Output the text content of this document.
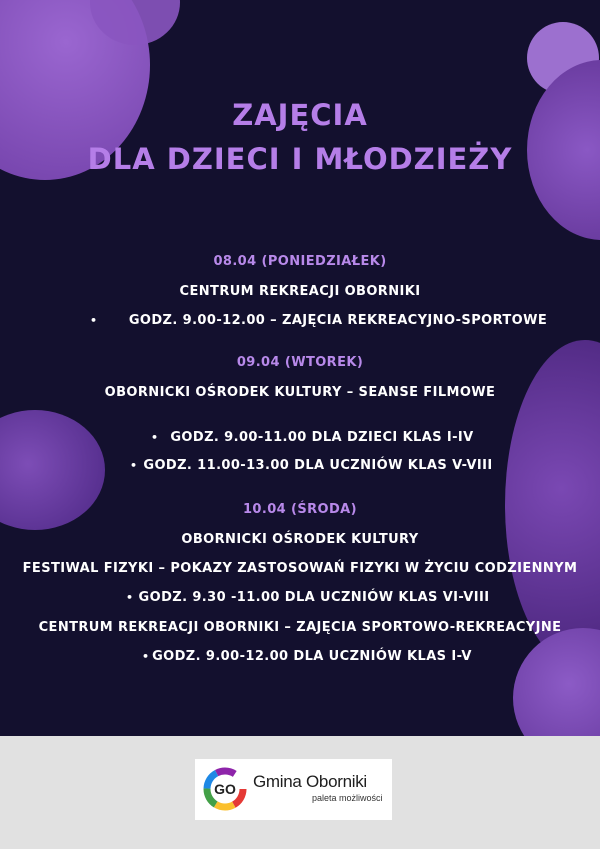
ZAJĘCIA
DLA DZIECI I MŁODZIEŻY
08.04 (PONIEDZIAŁEK)
CENTRUM REKREACJI OBORNIKI
•	GODZ. 9.00-12.00 – ZAJĘCIA REKREACYJNO-SPORTOWE
09.04 (WTOREK)
OBORNICKI OŚRODEK KULTURY – SEANSE FILMOWE
• GODZ. 9.00-11.00 DLA DZIECI KLAS I-IV
• GODZ. 11.00-13.00 DLA UCZNIÓW KLAS V-VIII
10.04 (ŚRODA)
OBORNICKI OŚRODEK KULTURY
FESTIWAL FIZYKI – POKAZY ZASTOSOWAŃ FIZYKI W ŻYCIU CODZIENNYM
• GODZ. 9.30 -11.00 DLA UCZNIÓW KLAS VI-VIII
CENTRUM REKREACJI OBORNIKI – ZAJĘCIA SPORTOWO-REKREACYJNE
• GODZ. 9.00-12.00 DLA UCZNIÓW KLAS I-V
GO Gmina Oborniki
paleta możliwości
